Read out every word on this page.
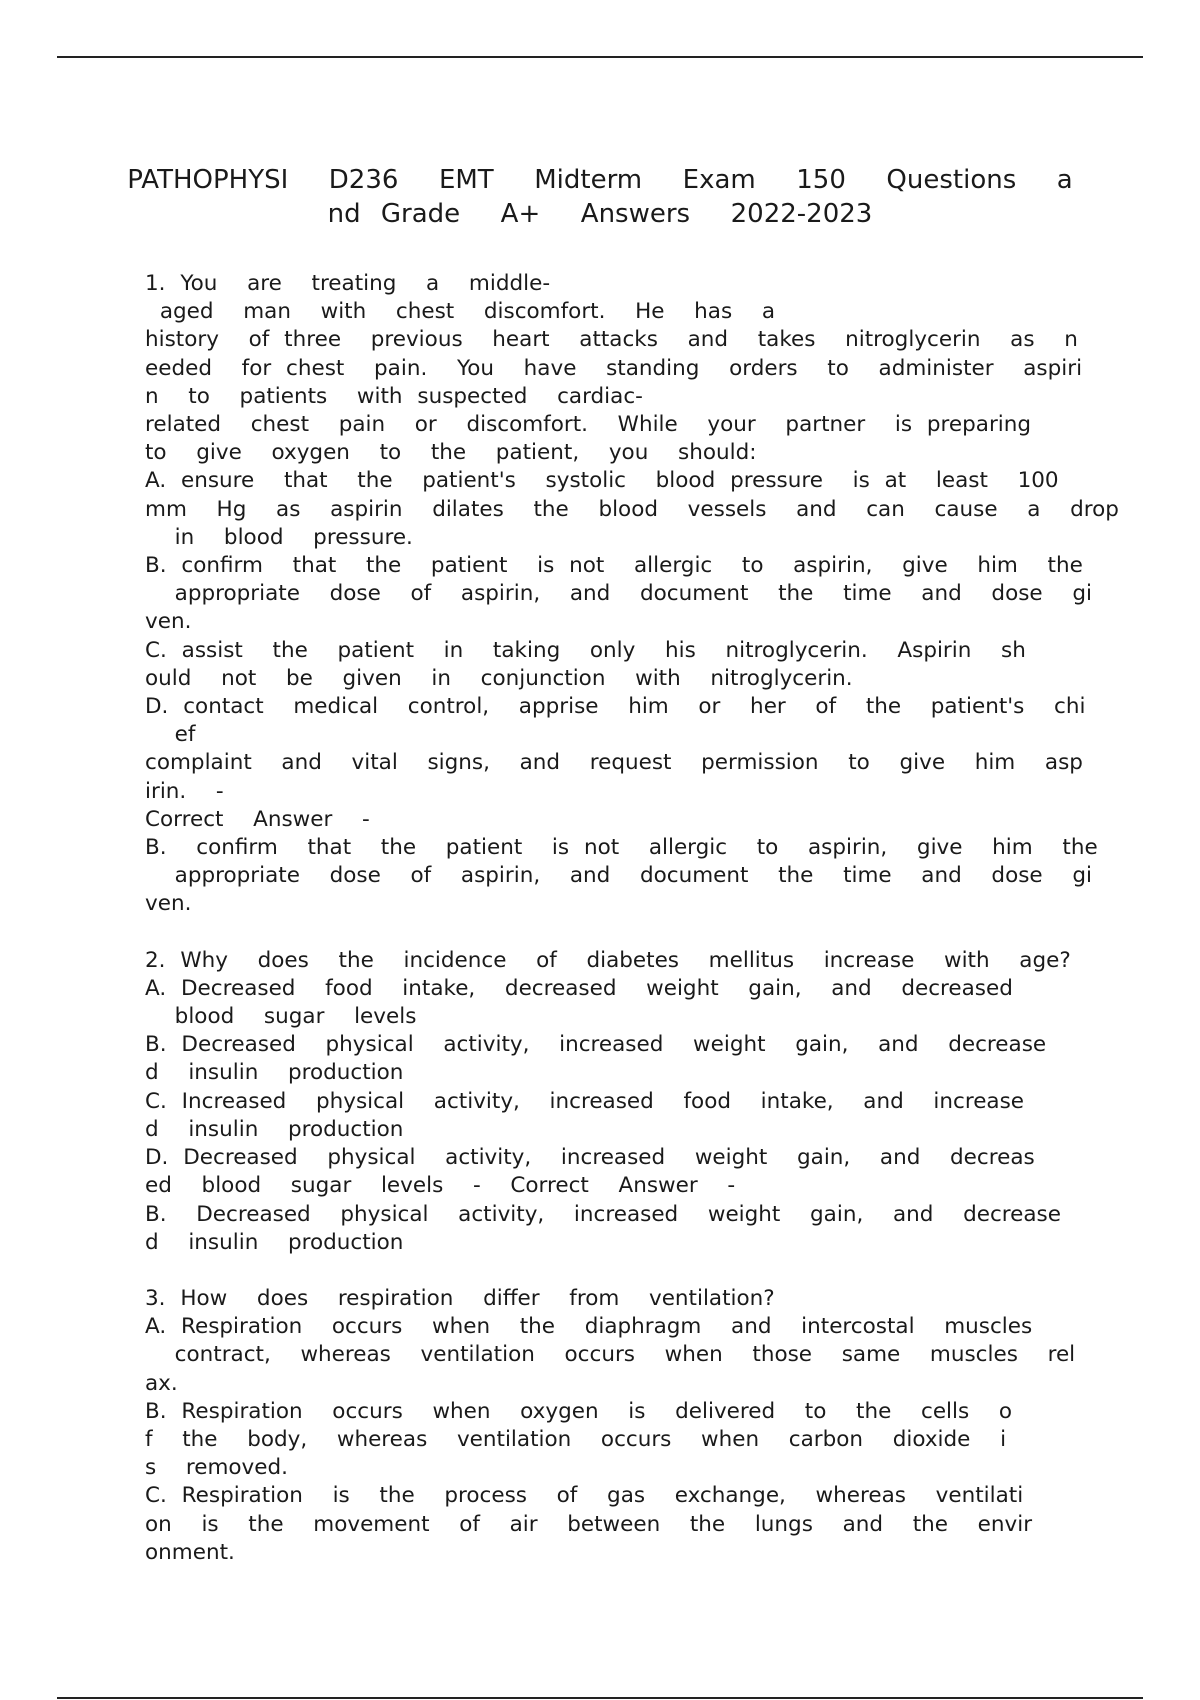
PATHOPHYSI  D236  EMT  Midterm  Exam  150  Questions  a
nd Grade  A+  Answers  2022-2023
1. You  are  treating  a  middle-
aged  man  with  chest  discomfort.  He  has  a
history  of three  previous  heart  attacks  and  takes  nitroglycerin  as  n
eeded  for chest  pain.  You  have  standing  orders  to  administer  aspiri
n  to  patients  with suspected  cardiac-
related  chest  pain  or  discomfort.  While  your  partner  is preparing
to  give  oxygen  to  the  patient,  you  should:
A. ensure  that  the  patient's  systolic  blood pressure  is at  least  100
mm  Hg  as  aspirin  dilates  the  blood  vessels  and  can  cause  a  drop
in  blood  pressure.
B. confirm  that  the  patient  is not  allergic  to  aspirin,  give  him  the
appropriate  dose  of  aspirin,  and  document  the  time  and  dose  gi
ven.
C. assist  the  patient  in  taking  only  his  nitroglycerin.  Aspirin  sh
ould  not  be  given  in  conjunction  with  nitroglycerin.
D. contact  medical  control,  apprise  him  or  her  of  the  patient's  chi
ef
complaint  and  vital  signs,  and  request  permission  to  give  him  asp
irin.  -
Correct  Answer  -
B.  confirm  that  the  patient  is not  allergic  to  aspirin,  give  him  the
appropriate  dose  of  aspirin,  and  document  the  time  and  dose  gi
ven.
2. Why  does  the  incidence  of  diabetes  mellitus  increase  with  age?
A. Decreased  food  intake,  decreased  weight  gain,  and  decreased
blood  sugar  levels
B. Decreased  physical  activity,  increased  weight  gain,  and  decrease
d  insulin  production
C. Increased  physical  activity,  increased  food  intake,  and  increase
d  insulin  production
D. Decreased  physical  activity,  increased  weight  gain,  and  decreas
ed  blood  sugar  levels  -  Correct  Answer  -
B.  Decreased  physical  activity,  increased  weight  gain,  and  decrease
d  insulin  production
3. How  does  respiration  differ  from  ventilation?
A. Respiration  occurs  when  the  diaphragm  and  intercostal  muscles
contract,  whereas  ventilation  occurs  when  those  same  muscles  rel
ax.
B. Respiration  occurs  when  oxygen  is  delivered  to  the  cells  o
f  the  body,  whereas  ventilation  occurs  when  carbon  dioxide  i
s  removed.
C. Respiration  is  the  process  of  gas  exchange,  whereas  ventilati
on  is  the  movement  of  air  between  the  lungs  and  the  envir
onment.
